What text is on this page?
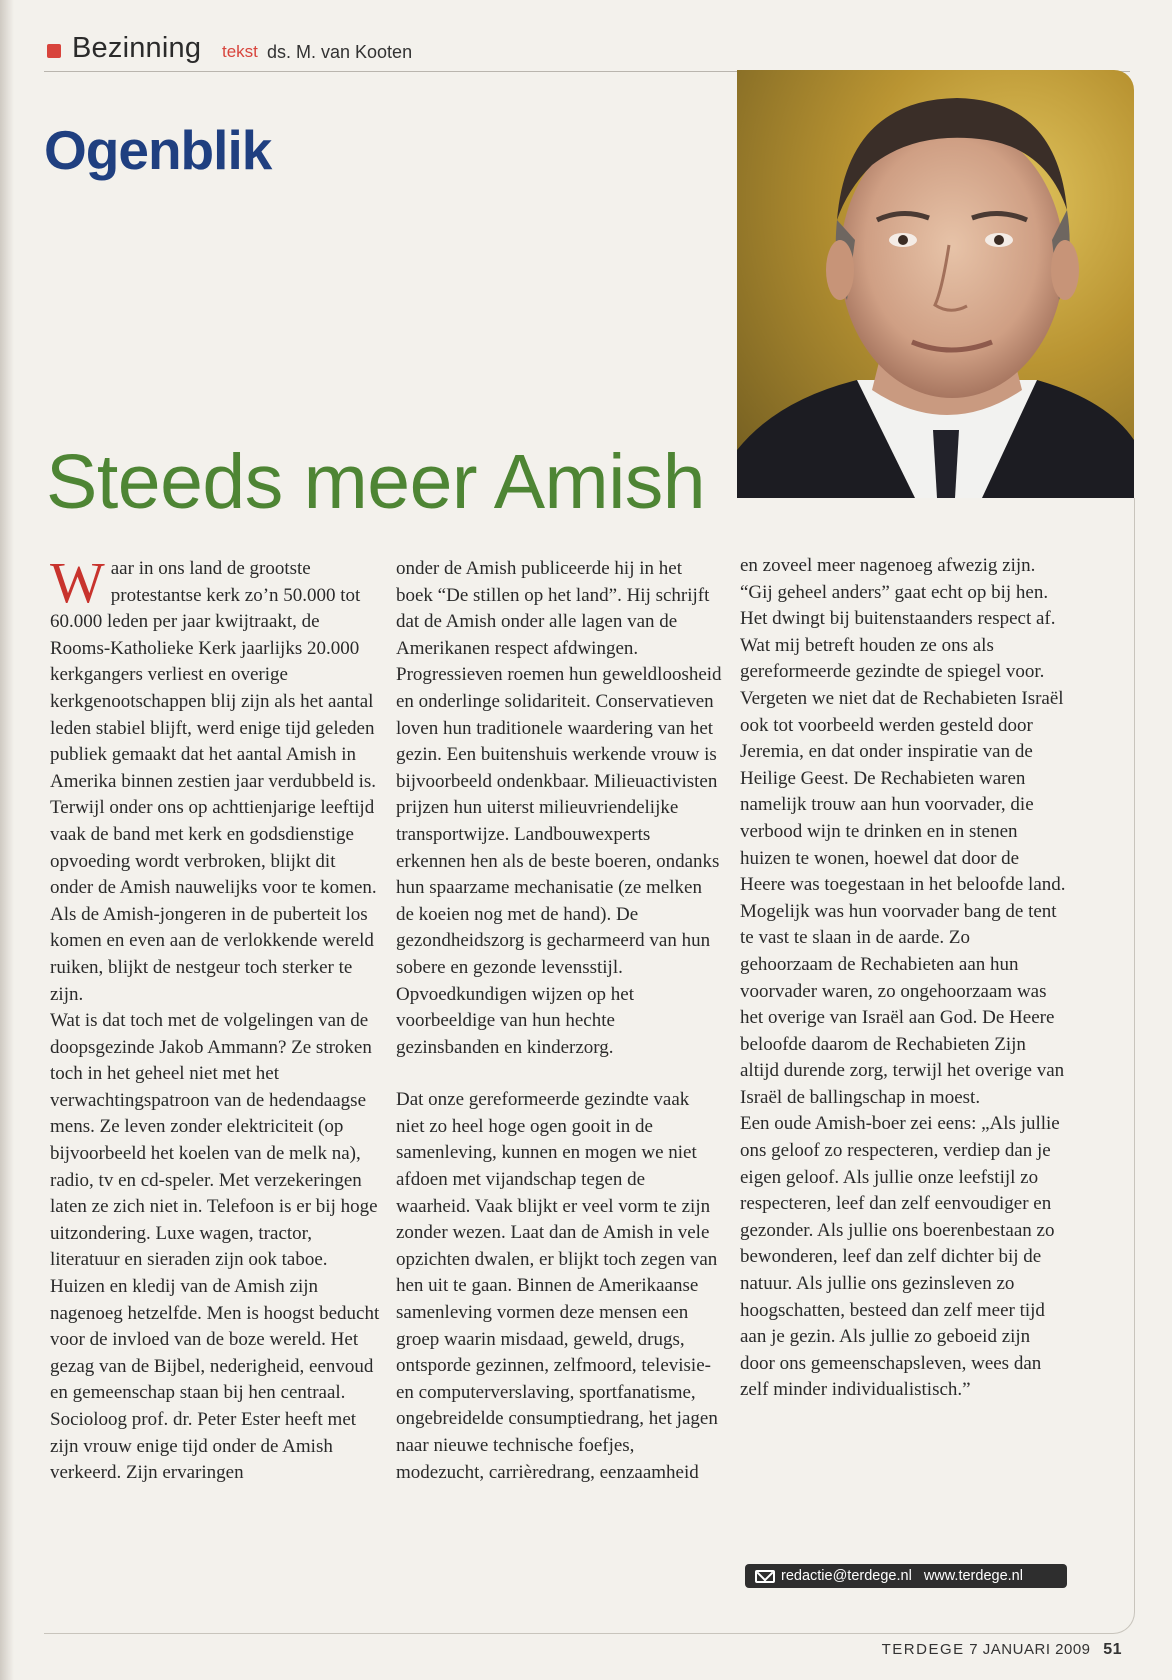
Bezinning tekst ds. M. van Kooten
Ogenblik
Steeds meer Amish

Waar in ons land de grootste protestantse kerk zo’n 50.000 tot 60.000 leden per jaar kwijtraakt, de Rooms-Katholieke Kerk jaarlijks 20.000 kerkgangers verliest en overige kerkgenootschappen blij zijn als het aantal leden stabiel blijft, werd enige tijd geleden publiek gemaakt dat het aantal Amish in Amerika binnen zestien jaar verdubbeld is.

Terwijl onder ons op achttienjarige leeftijd vaak de band met kerk en godsdienstige opvoeding wordt verbroken, blijkt dit onder de Amish nauwelijks voor te komen. Als de Amish-jongeren in de puberteit los komen en even aan de verlokkende wereld ruiken, blijkt de nestgeur toch sterker te zijn.

Wat is dat toch met de volgelingen van de doopsgezinde Jakob Ammann? Ze stroken toch in het geheel niet met het verwachtingspatroon van de hedendaagse mens. Ze leven zonder elektriciteit (op bijvoorbeeld het koelen van de melk na), radio, tv en cd-speler. Met verzekeringen laten ze zich niet in. Telefoon is er bij hoge uitzondering. Luxe wagen, tractor, literatuur en sieraden zijn ook taboe. Huizen en kledij van de Amish zijn nagenoeg hetzelfde. Men is hoogst beducht voor de invloed van de boze wereld. Het gezag van de Bijbel, nederigheid, eenvoud en gemeenschap staan bij hen centraal.

Socioloog prof. dr. Peter Ester heeft met zijn vrouw enige tijd onder de Amish verkeerd. Zijn ervaringen

onder de Amish publiceerde hij in het boek “De stillen op het land”. Hij schrijft dat de Amish onder alle lagen van de Amerikanen respect afdwingen. Progressieven roemen hun geweldloosheid en onderlinge solidariteit. Conservatieven loven hun traditionele waardering van het gezin. Een buitenshuis werkende vrouw is bijvoorbeeld ondenkbaar. Milieuactivisten prijzen hun uiterst milieuvriendelijke transportwijze. Landbouwexperts erkennen hen als de beste boeren, ondanks hun spaarzame mechanisatie (ze melken de koeien nog met de hand). De gezondheidszorg is gecharmeerd van hun sobere en gezonde levensstijl. Opvoedkundigen wijzen op het voorbeeldige van hun hechte gezinsbanden en kinderzorg.

Dat onze gereformeerde gezindte vaak niet zo heel hoge ogen gooit in de samenleving, kunnen en mogen we niet afdoen met vijandschap tegen de waarheid. Vaak blijkt er veel vorm te zijn zonder wezen. Laat dan de Amish in vele opzichten dwalen, er blijkt toch zegen van hen uit te gaan. Binnen de Amerikaanse samenleving vormen deze mensen een groep waarin misdaad, geweld, drugs, ontsporde gezinnen, zelfmoord, televisie- en computerverslaving, sportfanatisme, ongebreidelde consumptiedrang, het jagen naar nieuwe technische foefjes, modezucht, carrièredrang, eenzaamheid

en zoveel meer nagenoeg afwezig zijn. “Gij geheel anders” gaat echt op bij hen. Het dwingt bij buitenstaanders respect af. Wat mij betreft houden ze ons als gereformeerde gezindte de spiegel voor.

Vergeten we niet dat de Rechabieten Israël ook tot voorbeeld werden gesteld door Jeremia, en dat onder inspiratie van de Heilige Geest. De Rechabieten waren namelijk trouw aan hun voorvader, die verbood wijn te drinken en in stenen huizen te wonen, hoewel dat door de Heere was toegestaan in het beloofde land. Mogelijk was hun voorvader bang de tent te vast te slaan in de aarde. Zo gehoorzaam de Rechabieten aan hun voorvader waren, zo ongehoorzaam was het overige van Israël aan God. De Heere beloofde daarom de Rechabieten Zijn altijd durende zorg, terwijl het overige van Israël de ballingschap in moest.

Een oude Amish-boer zei eens: „Als jullie ons geloof zo respecteren, verdiep dan je eigen geloof. Als jullie onze leefstijl zo respecteren, leef dan zelf eenvoudiger en gezonder. Als jullie ons boerenbestaan zo bewonderen, leef dan zelf dichter bij de natuur. Als jullie ons gezinsleven zo hoogschatten, besteed dan zelf meer tijd aan je gezin. Als jullie zo geboeid zijn door ons gemeenschapsleven, wees dan zelf minder individualistisch.”

redactie@terdege.nl www.terdege.nl
TERDEGE 7 JANUARI 2009 51
